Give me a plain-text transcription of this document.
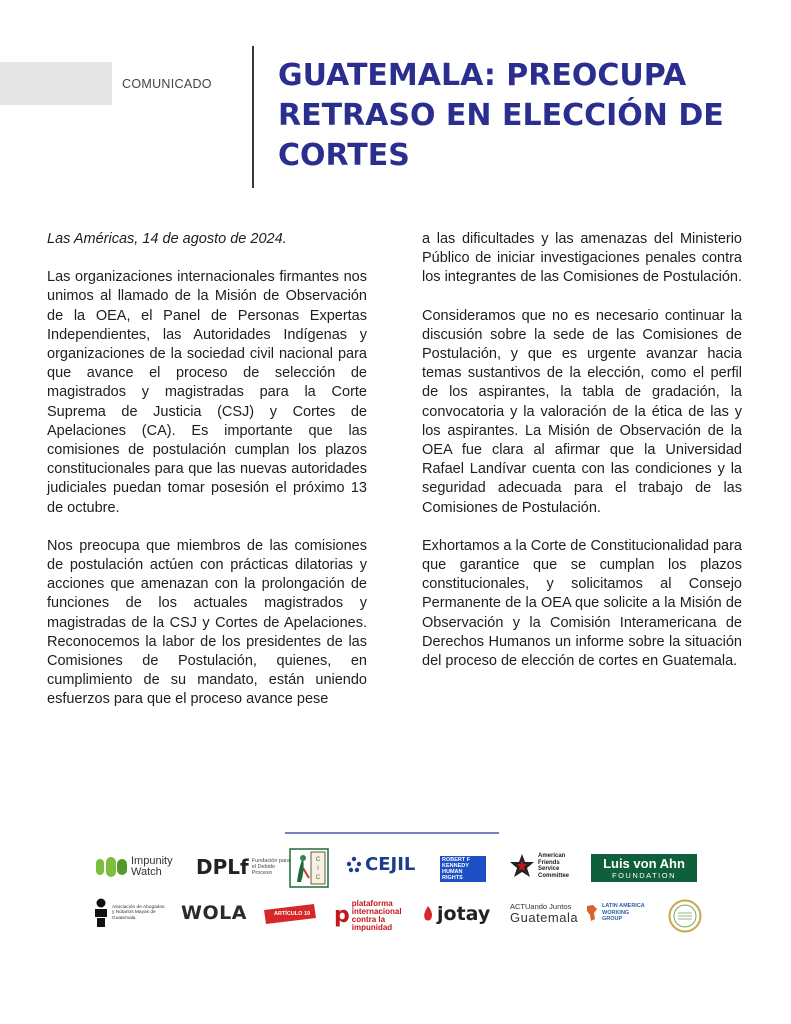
COMUNICADO GUATEMALA: PREOCUPA RETRASO EN ELECCIÓN DE CORTES

Las Américas, 14 de agosto de 2024.

Las organizaciones internacionales firmantes nos unimos al llamado de la Misión de Observación de la OEA, el Panel de Personas Expertas Independientes, las Autoridades Indígenas y organizaciones de la sociedad civil nacional para que avance el proceso de selección de magistrados y magistradas para la Corte Suprema de Justicia (CSJ) y Cortes de Apelaciones (CA). Es importante que las comisiones de postulación cumplan los plazos constitucionales para que las nuevas autoridades judiciales puedan tomar posesión el próximo 13 de octubre.

Nos preocupa que miembros de las comisiones de postulación actúen con prácticas dilatorias y acciones que amenazan con la prolongación de funciones de los actuales magistrados y magistradas de la CSJ y Cortes de Apelaciones. Reconocemos la labor de los presidentes de las Comisiones de Postulación, quienes, en cumplimiento de su mandato, están uniendo esfuerzos para que el proceso avance pese

a las dificultades y las amenazas del Ministerio Público de iniciar investigaciones penales contra los integrantes de las Comisiones de Postulación.

Consideramos que no es necesario continuar la discusión sobre la sede de las Comisiones de Postulación, y que es urgente avanzar hacia temas sustantivos de la elección, como el perfil de los aspirantes, la tabla de gradación, la convocatoria y la valoración de la ética de las y los aspirantes. La Misión de Observación de la OEA fue clara al afirmar que la Universidad Rafael Landívar cuenta con las condiciones y la seguridad adecuada para el trabajo de las Comisiones de Postulación.

Exhortamos a la Corte de Constitucionalidad para que garantice que se cumplan los plazos constitucionales, y solicitamos al Consejo Permanente de la OEA que solicite a la Misión de Observación y la Comisión Interamericana de Derechos Humanos un informe sobre la situación del proceso de elección de cortes en Guatemala.

Impunity
Watch	DPLf Fundación para el Debido Proceso
C
I
C
CEJIL	ROBERT F KENNEDY HUMAN RIGHTS
American Friends Service Committee
Luis von Ahn
FOUNDATION
Asociación de Abogados y Notarios Mayas de Guatemala	WOLA	ARTÍCULO 19 p plataforma internacional contra la impunidad
jotay	ACTUando Juntos
Guatemala
LATIN AMERICA WORKING GROUP
